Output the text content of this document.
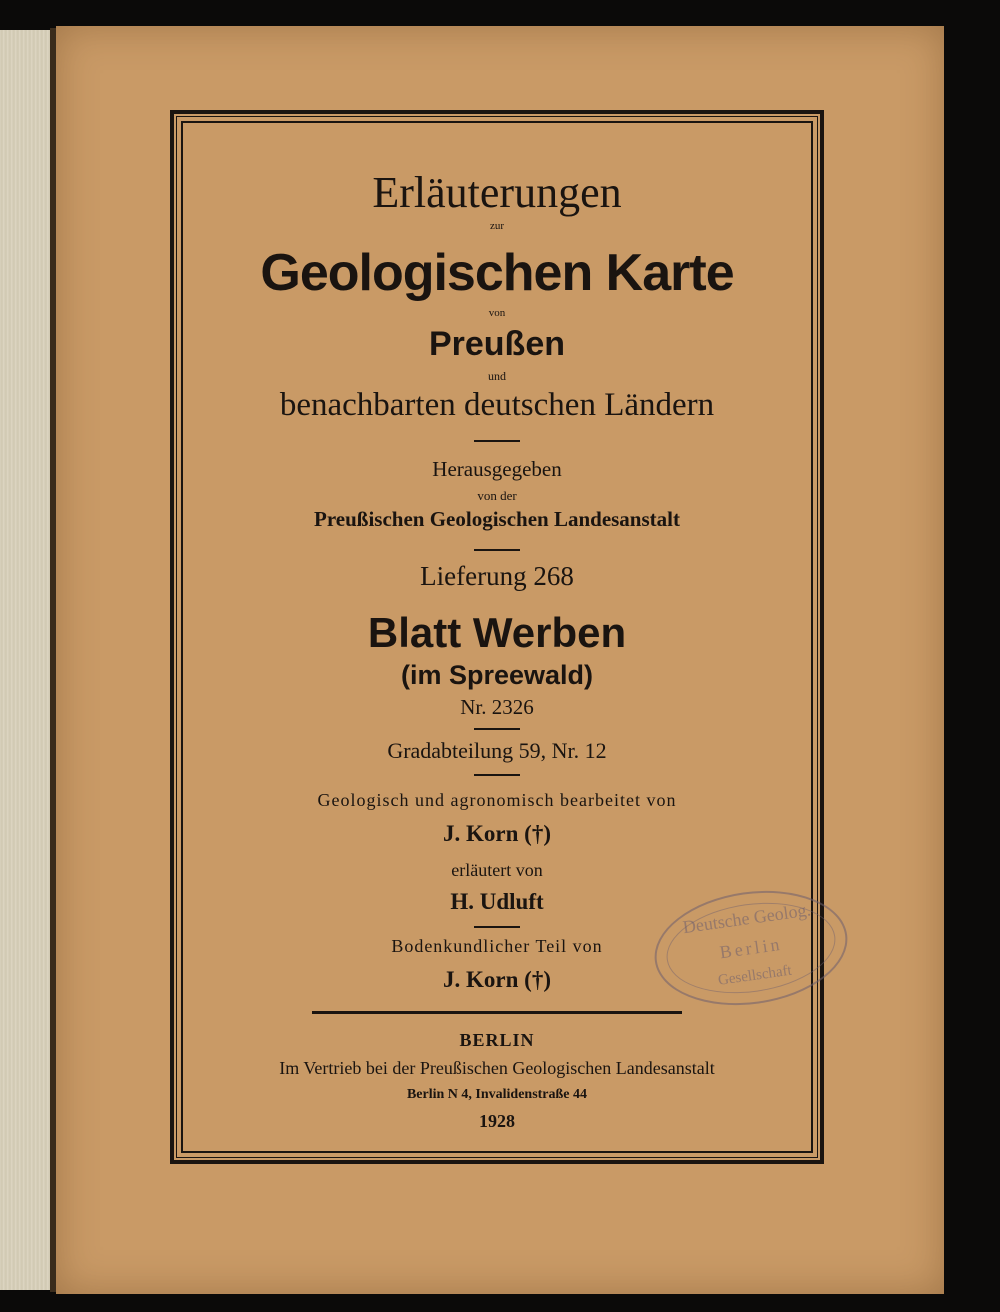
Erläuterungen
zur
Geologischen Karte
von
Preußen
und
benachbarten deutschen Ländern
Herausgegeben
von der
Preußischen Geologischen Landesanstalt
Lieferung 268
Blatt Werben
(im Spreewald)
Nr. 2326
Gradabteilung 59, Nr. 12
Geologisch und agronomisch bearbeitet von
J. Korn (†)
erläutert von
H. Udluft
Bodenkundlicher Teil von
J. Korn (†)
BERLIN
Im Vertrieb bei der Preußischen Geologischen Landesanstalt
Berlin N 4, Invalidenstraße 44
1928
Deutsche Geolog.
Berlin
Gesellschaft
